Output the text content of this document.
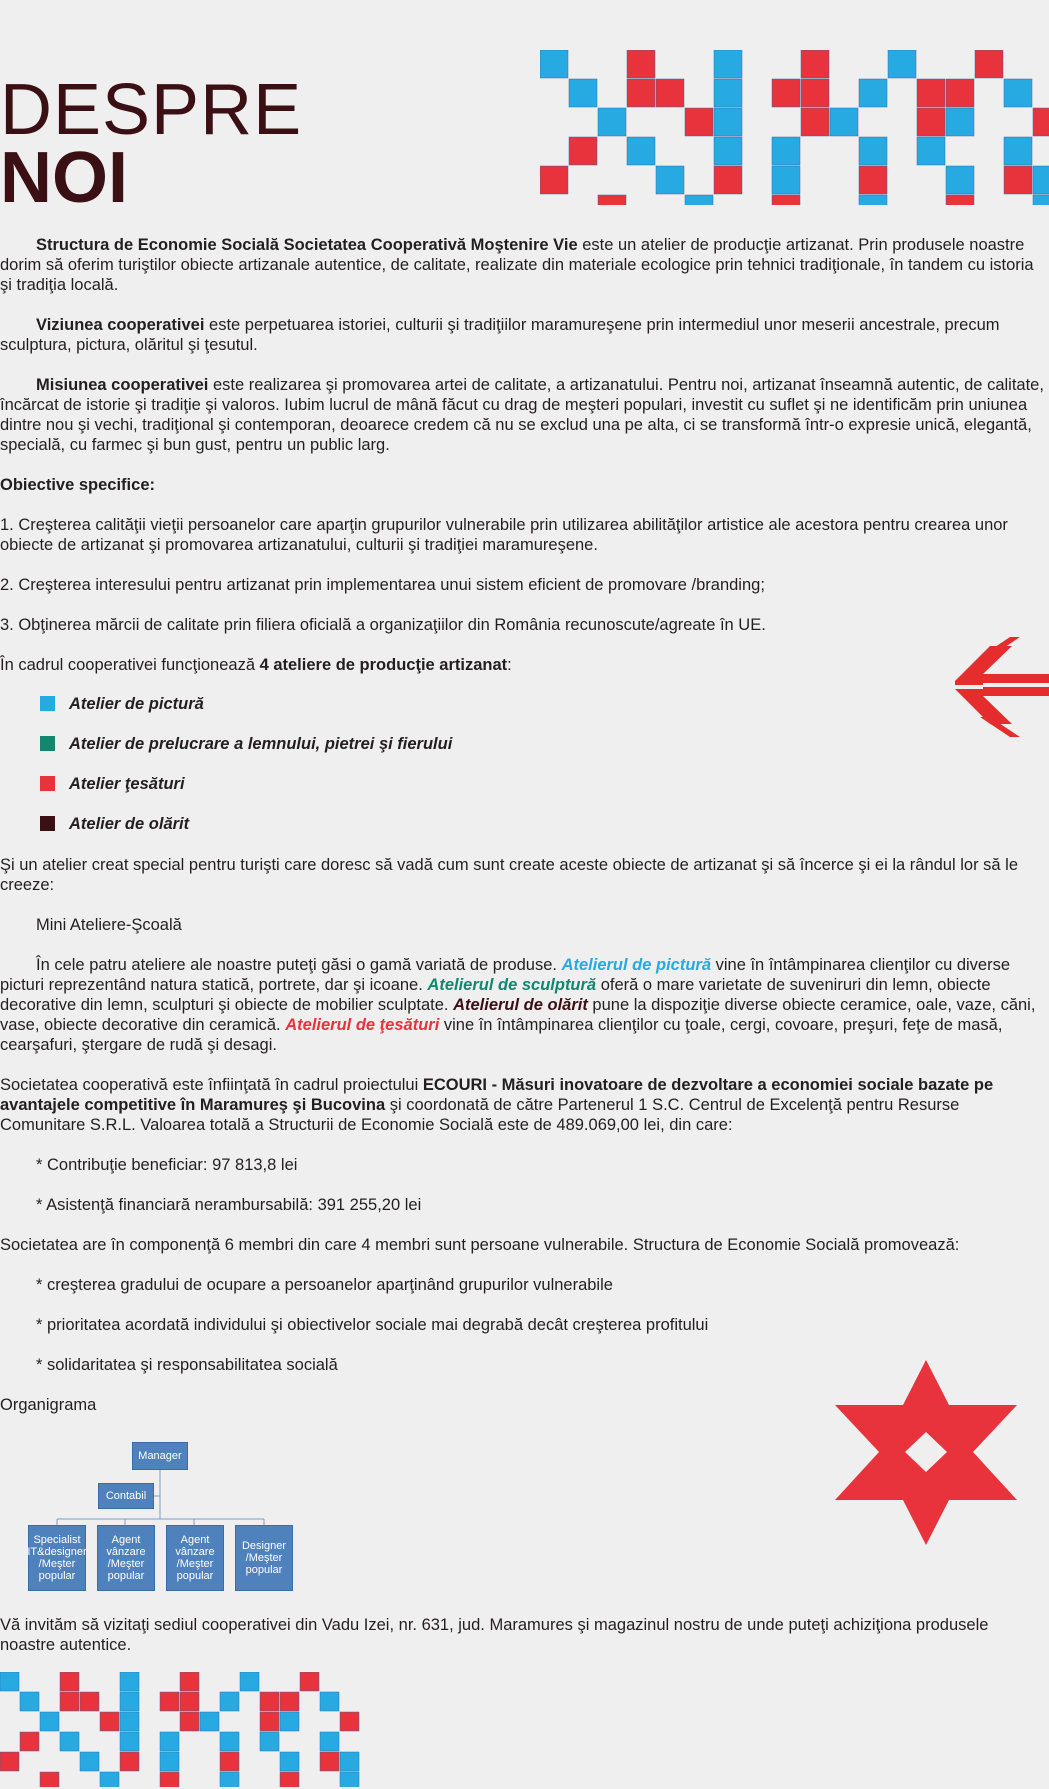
DESPRE
NOI

Structura de Economie Socială Societatea Cooperativă Moştenire Vie este un atelier de producţie artizanat. Prin produsele noastre dorim să oferim turiştilor obiecte artizanale autentice, de calitate, realizate din materiale ecologice prin tehnici tradiţionale, în tandem cu istoria şi tradiţia locală.

Viziunea cooperativei este perpetuarea istoriei, culturii şi tradiţiilor maramureşene prin intermediul unor meserii ancestrale, precum sculptura, pictura, olăritul şi ţesutul.

Misiunea cooperativei este realizarea şi promovarea artei de calitate, a artizanatului. Pentru noi, artizanat înseamnă autentic, de calitate, încărcat de istorie şi tradiţie şi valoros. Iubim lucrul de mână făcut cu drag de meşteri populari, investit cu suflet şi ne identificăm prin uniunea dintre nou şi vechi, tradiţional şi contemporan, deoarece credem că nu se exclud una pe alta, ci se transformă într-o expresie unică, elegantă, specială, cu farmec şi bun gust, pentru un public larg.

Obiective specifice:

1. Creşterea calităţii vieţii persoanelor care aparţin grupurilor vulnerabile prin utilizarea abilităţilor artistice ale acestora pentru crearea unor obiecte de artizanat şi promovarea artizanatului, culturii şi tradiţiei maramureşene.

2. Creşterea interesului pentru artizanat prin implementarea unui sistem eficient de promovare /branding;

3. Obţinerea mărcii de calitate prin filiera oficială a organizaţiilor din România recunoscute/agreate în UE.

În cadrul cooperativei funcţionează 4 ateliere de producţie artizanat:

Atelier de pictură
Atelier de prelucrare a lemnului, pietrei şi fierului
Atelier ţesături
Atelier de olărit

Şi un atelier creat special pentru turişti care doresc să vadă cum sunt create aceste obiecte de artizanat şi să încerce şi ei la rândul lor să le creeze:

Mini Ateliere-Şcoală

În cele patru ateliere ale noastre puteţi găsi o gamă variată de produse. Atelierul de pictură vine în întâmpinarea clienţilor cu diverse picturi reprezentând natura statică, portrete, dar şi icoane. Atelierul de sculptură oferă o mare varietate de suveniruri din lemn, obiecte decorative din lemn, sculpturi şi obiecte de mobilier sculptate. Atelierul de olărit pune la dispoziţie diverse obiecte ceramice, oale, vaze, căni, vase, obiecte decorative din ceramică. Atelierul de ţesături vine în întâmpinarea clienţilor cu ţoale, cergi, covoare, preşuri, feţe de masă, cearşafuri, ştergare de rudă şi desagi.

Societatea cooperativă este înfiinţată în cadrul proiectului ECOURI - Măsuri inovatoare de dezvoltare a economiei sociale bazate pe avantajele competitive în Maramureş şi Bucovina şi coordonată de către Partenerul 1 S.C. Centrul de Excelenţă pentru Resurse Comunitare S.R.L. Valoarea totală a Structurii de Economie Socială este de 489.069,00 lei, din care:

* Contribuţie beneficiar: 97 813,8 lei

* Asistenţă financiară nerambursabilă: 391 255,20 lei

Societatea are în componenţă 6 membri din care 4 membri sunt persoane vulnerabile. Structura de Economie Socială promovează:

* creşterea gradului de ocupare a persoanelor aparţinând grupurilor vulnerabile

* prioritatea acordată individului şi obiectivelor sociale mai degrabă decât creşterea profitului

* solidaritatea şi responsabilitatea socială

Organigrama

Manager
Contabil
Specialist IT&designer /Meşter popular
Agent vânzare /Meşter popular
Agent vânzare /Meşter popular
Designer /Meşter popular

Vă invităm să vizitaţi sediul cooperativei din Vadu Izei, nr. 631, jud. Maramures şi magazinul nostru de unde puteţi achiziţiona produsele noastre autentice.
